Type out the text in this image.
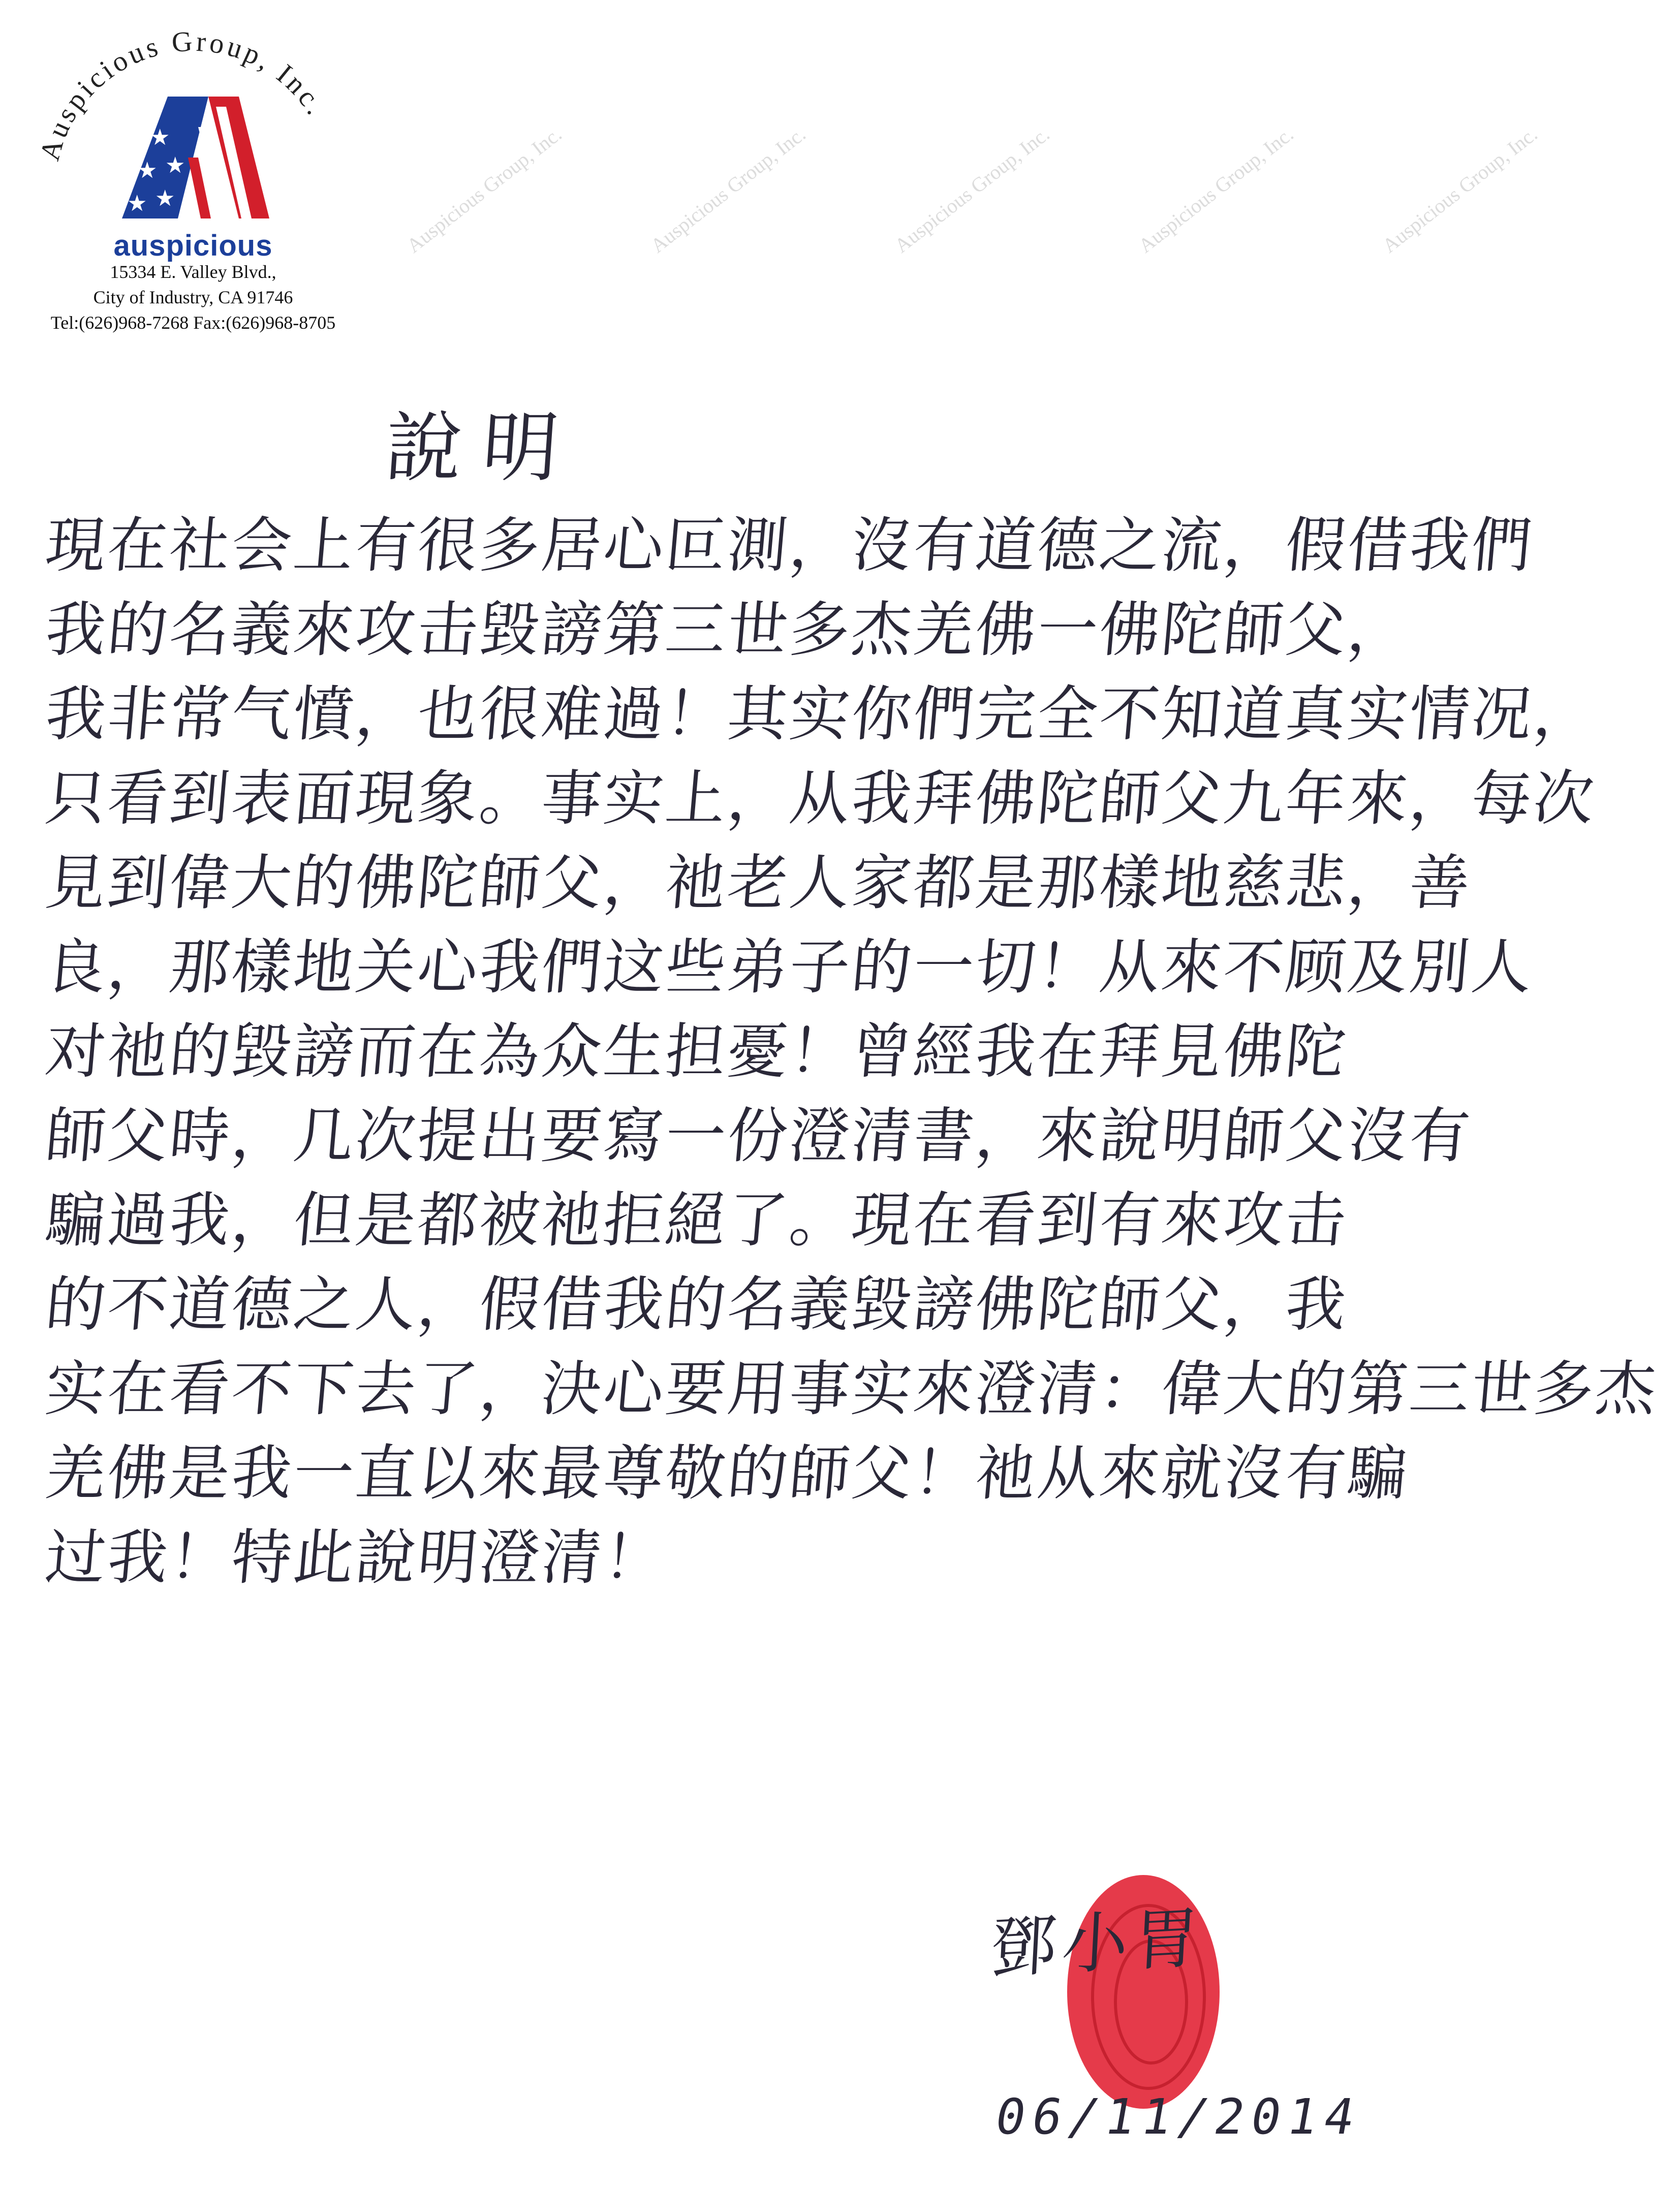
Auspicious Group, Inc.
★
★ ★
★ ★
auspicious
15334 E. Valley Blvd.,
City of Industry, CA 91746
Tel:(626)968-7268 Fax:(626)968-8705
Auspicious Group, Inc.	Auspicious Group, Inc.	Auspicious Group, Inc.	Auspicious Group, Inc.	Auspicious Group, Inc.
說明
現在社会上有很多居心叵測，沒有道德之流，假借我們
我的名義來攻击毀謗第三世多杰羌佛一佛陀師父，
我非常气憤，也很难過！其实你們完全不知道真实情况，
只看到表面現象。事实上，从我拜佛陀師父九年來，每次
見到偉大的佛陀師父，祂老人家都是那樣地慈悲，善
良，那樣地关心我們这些弟子的一切！从來不顾及別人
对祂的毀謗而在為众生担憂！曾經我在拜見佛陀
師父時，几次提出要寫一份澄清書，來說明師父沒有
騙過我，但是都被祂拒絕了。現在看到有來攻击
的不道德之人，假借我的名義毀謗佛陀師父，我
实在看不下去了，決心要用事实來澄清：偉大的第三世多杰
羌佛是我一直以來最尊敬的師父！祂从來就沒有騙
过我！特此說明澄清！
鄧小胃
06/11/2014
